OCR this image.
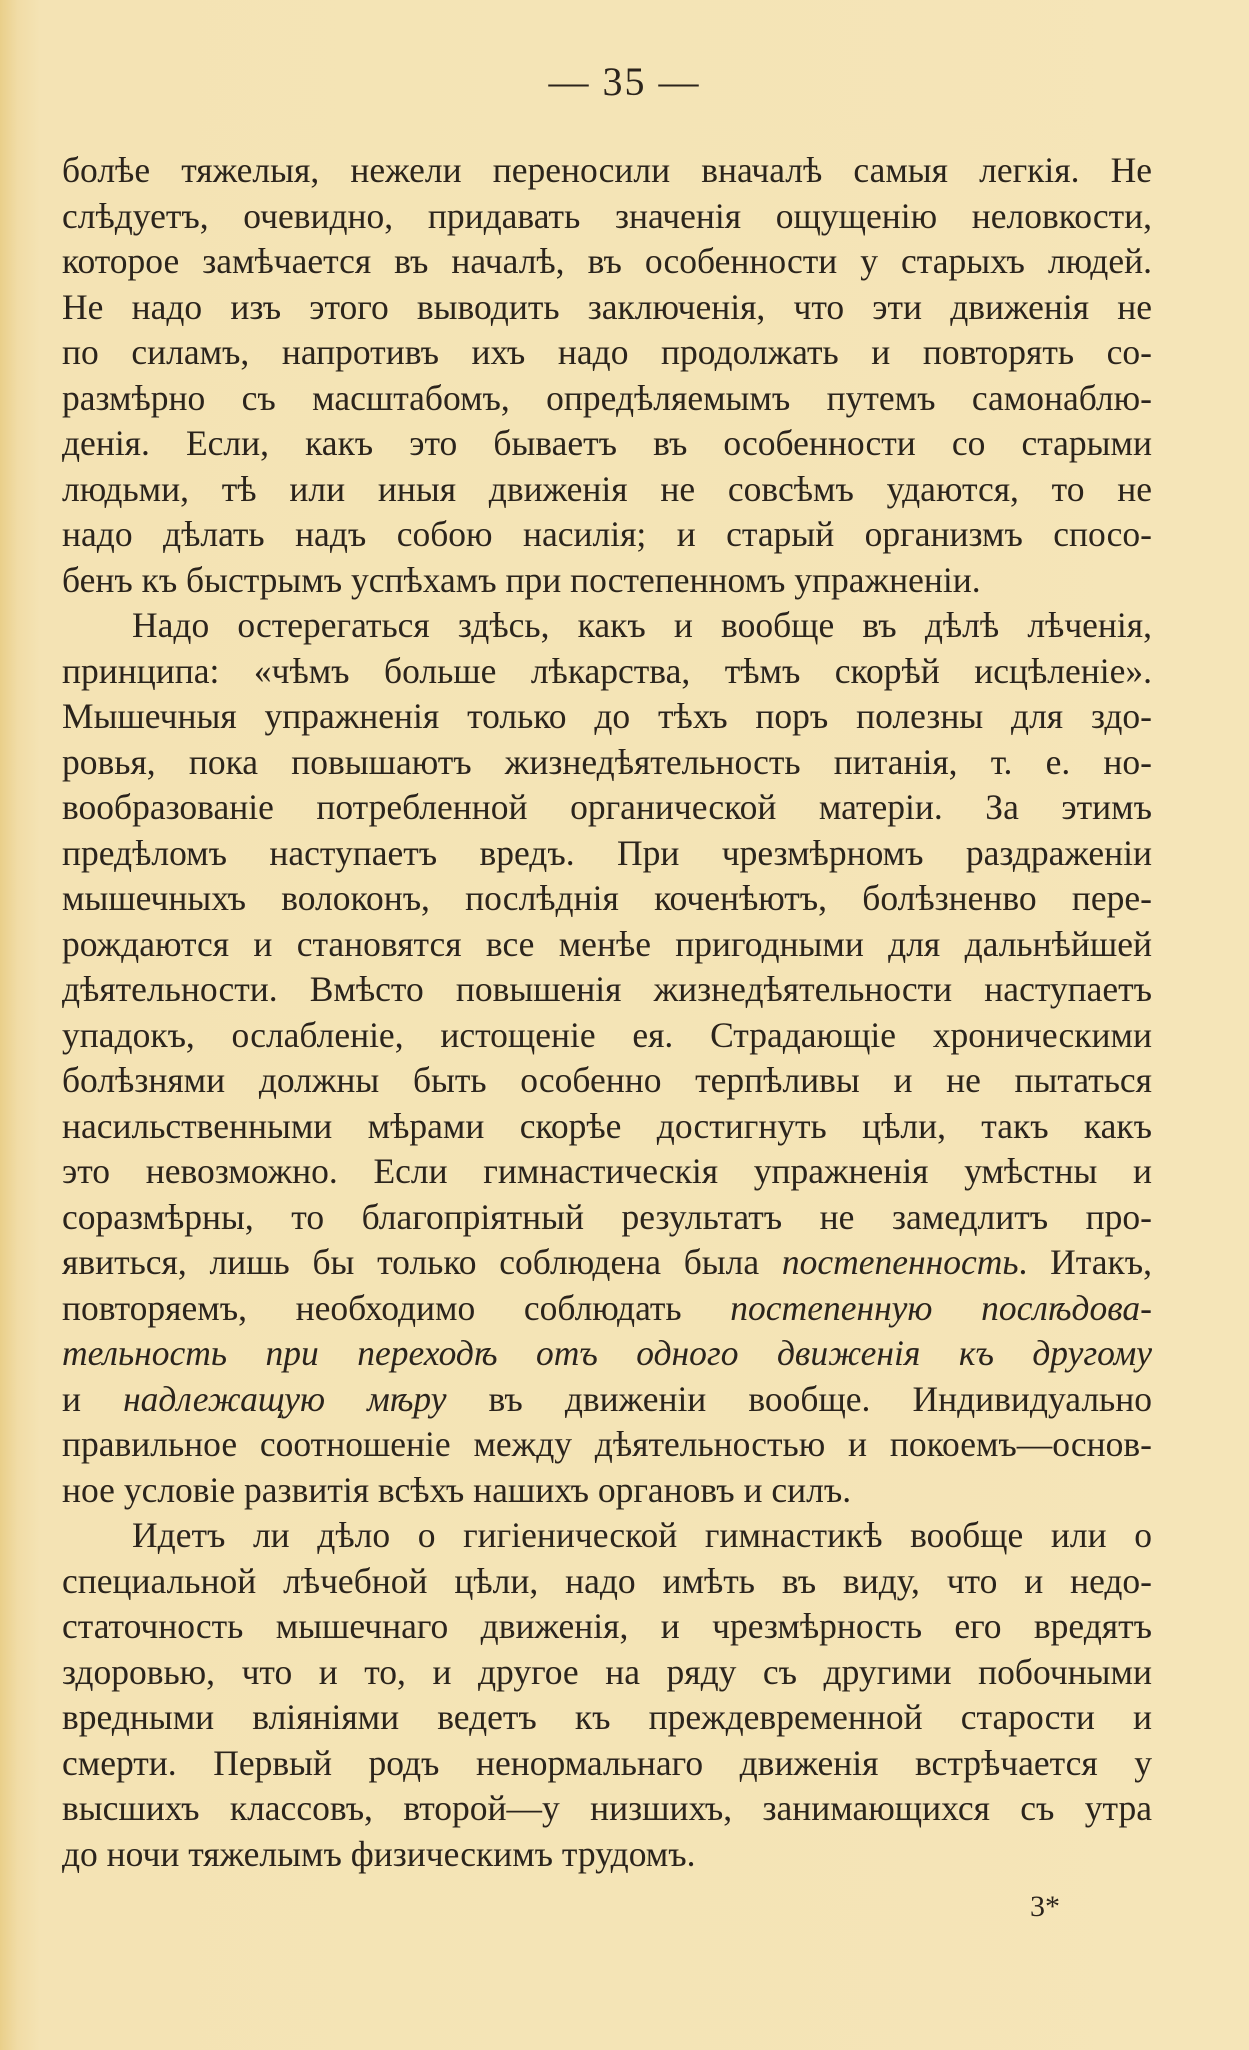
— 35 —
болѣе тяжелыя, нежели переносили вначалѣ самыя легкія. Не
слѣдуетъ, очевидно, придавать значенія ощущенію неловкости,
которое замѣчается въ началѣ, въ особенности у старыхъ людей.
Не надо изъ этого выводить заключенія, что эти движенія не
по силамъ, напротивъ ихъ надо продолжать и повторять со-
размѣрно съ масштабомъ, опредѣляемымъ путемъ самонаблю-
денія. Если, какъ это бываетъ въ особенности со старыми
людьми, тѣ или иныя движенія не совсѣмъ удаются, то не
надо дѣлать надъ собою насилія; и старый организмъ спосо-
бенъ къ быстрымъ успѣхамъ при постепенномъ упражненіи.
Надо остерегаться здѣсь, какъ и вообще въ дѣлѣ лѣченія,
принципа: «чѣмъ больше лѣкарства, тѣмъ скорѣй исцѣленіе».
Мышечныя упражненія только до тѣхъ поръ полезны для здо-
ровья, пока повышаютъ жизнедѣятельность питанія, т. е. но-
вообразованіе потребленной органической матеріи. За этимъ
предѣломъ наступаетъ вредъ. При чрезмѣрномъ раздраженіи
мышечныхъ волоконъ, послѣднія коченѣютъ, болѣзненво пере-
рождаются и становятся все менѣе пригодными для дальнѣйшей
дѣятельности. Вмѣсто повышенія жизнедѣятельности наступаетъ
упадокъ, ослабленіе, истощеніе ея. Страдающіе хроническими
болѣзнями должны быть особенно терпѣливы и не пытаться
насильственными мѣрами скорѣе достигнуть цѣли, такъ какъ
это невозможно. Если гимнастическія упражненія умѣстны и
соразмѣрны, то благопріятный результатъ не замедлитъ про-
явиться, лишь бы только соблюдена была постепенность. Итакъ,
повторяемъ, необходимо соблюдать постепенную послѣдова-
тельность при переходѣ отъ одного движенія къ другому
и надлежащую мѣру въ движеніи вообще. Индивидуально
правильное соотношеніе между дѣятельностью и покоемъ—основ-
ное условіе развитія всѣхъ нашихъ органовъ и силъ.
Идетъ ли дѣло о гигіенической гимнастикѣ вообще или о
специальной лѣчебной цѣли, надо имѣть въ виду, что и недо-
статочность мышечнаго движенія, и чрезмѣрность его вредятъ
здоровью, что и то, и другое на ряду съ другими побочными
вредными вліяніями ведетъ къ преждевременной старости и
смерти. Первый родъ ненормальнаго движенія встрѣчается у
высшихъ классовъ, второй—у низшихъ, занимающихся съ утра
до ночи тяжелымъ физическимъ трудомъ.
3*
